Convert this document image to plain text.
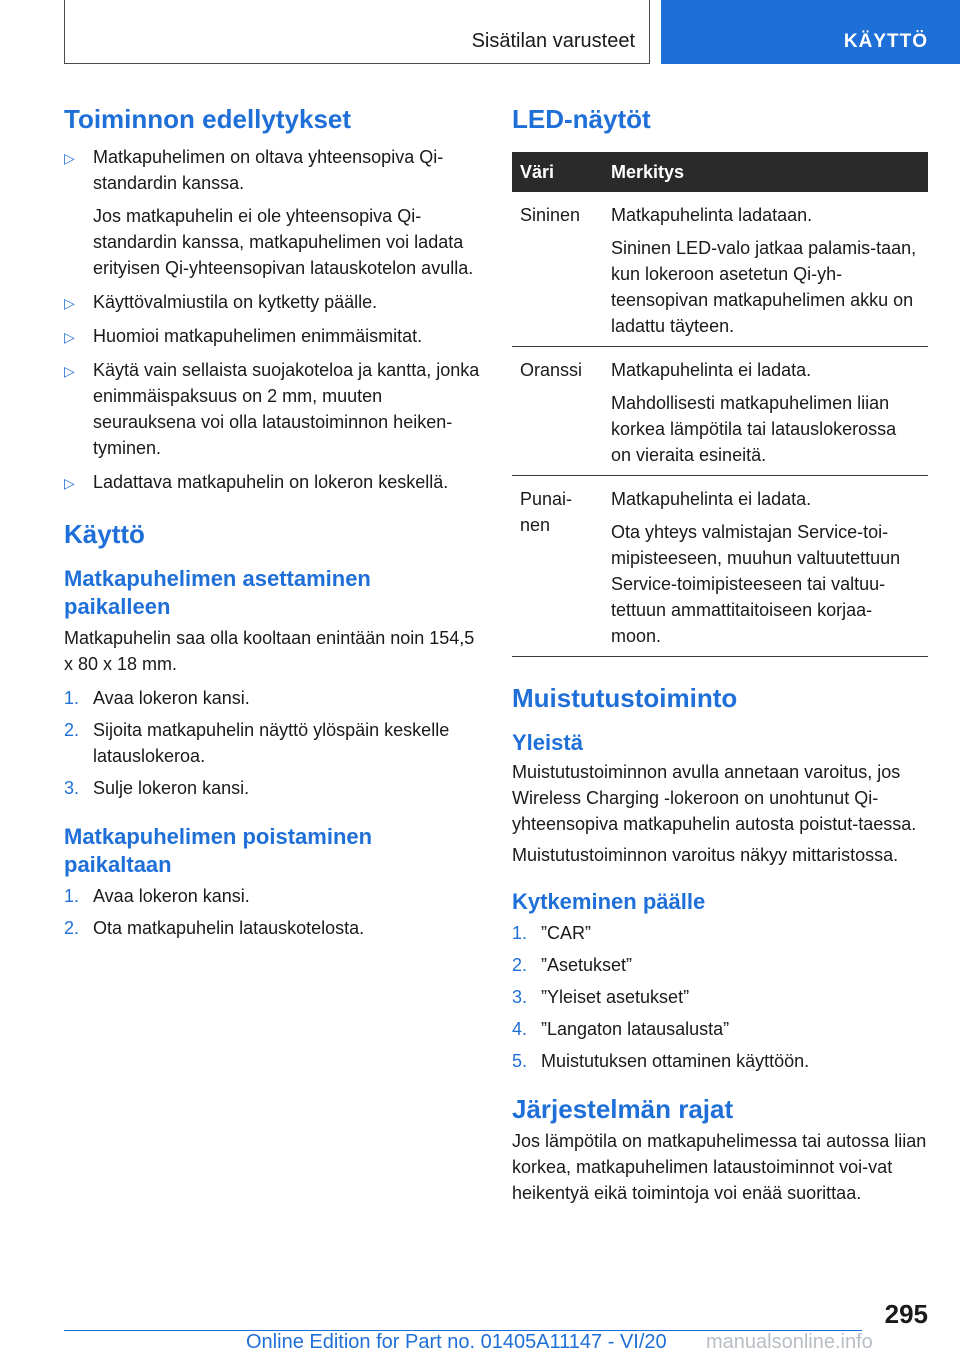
Sisätilan varusteet	KÄYTTÖ
Toiminnon edellytykset
▷ Matkapuhelimen on oltava yhteensopiva Qi-standardin kanssa.
Jos matkapuhelin ei ole yhteensopiva Qi-standardin kanssa, matkapuhelimen voi ladata erityisen Qi-yhteensopivan latauskotelon avulla.
▷ Käyttövalmiustila on kytketty päälle.
▷ Huomioi matkapuhelimen enimmäismitat.
▷ Käytä vain sellaista suojakoteloa ja kantta, jonka enimmäispaksuus on 2 mm, muuten seurauksena voi olla lataustoiminnon heiken-tyminen.
▷ Ladattava matkapuhelin on lokeron keskellä.
Käyttö
Matkapuhelimen asettaminen paikalleen

Matkapuhelin saa olla kooltaan enintään noin 154,5 x 80 x 18 mm.

1. Avaa lokeron kansi.
2. Sijoita matkapuhelin näyttö ylöspäin keskelle latauslokeroa.
3. Sulje lokeron kansi.
Matkapuhelimen poistaminen paikaltaan
1. Avaa lokeron kansi.
2. Ota matkapuhelin latauskotelosta.
LED-näytöt
Väri	Merkitys
Sininen	Matkapuhelinta ladataan.

Sininen LED-valo jatkaa palamis-taan, kun lokeroon asetetun Qi-yh-teensopivan matkapuhelimen akku on ladattu täyteen.

Oranssi	Matkapuhelinta ei ladata.

Mahdollisesti matkapuhelimen liian korkea lämpötila tai latauslokerossa on vieraita esineitä.

Punai-nen	Matkapuhelinta ei ladata.

Ota yhteys valmistajan Service-toi-mipisteeseen, muuhun valtuutettuun Service-toimipisteeseen tai valtuu-tettuun ammattitaitoiseen korjaa-moon.

Muistutustoiminto
Yleistä

Muistutustoiminnon avulla annetaan varoitus, jos Wireless Charging -lokeroon on unohtunut Qi-yhteensopiva matkapuhelin autosta poistut-taessa.

Muistutustoiminnon varoitus näkyy mittaristossa.

Kytkeminen päälle
1. ”CAR”
2. ”Asetukset”
3. ”Yleiset asetukset”
4. ”Langaton latausalusta”
5. Muistutuksen ottaminen käyttöön.
Järjestelmän rajat

Jos lämpötila on matkapuhelimessa tai autossa liian korkea, matkapuhelimen lataustoiminnot voi-vat heikentyä eikä toimintoja voi enää suorittaa.

295
Online Edition for Part no. 01405A11147 - VI/20 manualsonline.info
